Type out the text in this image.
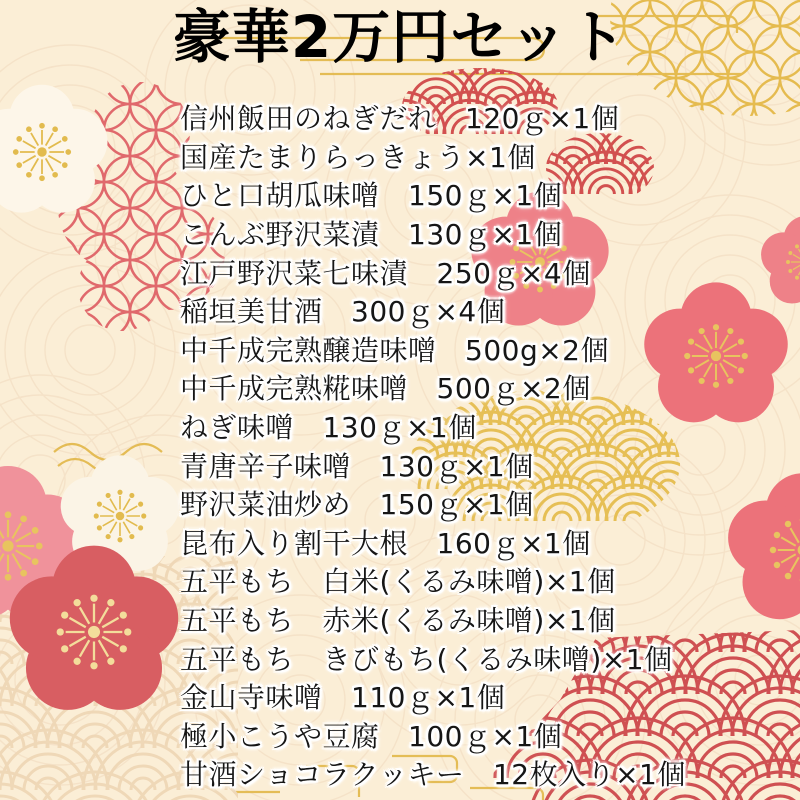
豪華2万円セット
信州飯田のねぎだれ　120ｇ×1個
国産たまりらっきょう×1個
ひと口胡瓜味噌　150ｇ×1個
こんぶ野沢菜漬　130ｇ×1個
江戸野沢菜七味漬　250ｇ×4個
稲垣美甘酒　300ｇ×4個
中千成完熟醸造味噌　500g×2個
中千成完熟糀味噌　500ｇ×2個
ねぎ味噌　130ｇ×1個
青唐辛子味噌　130ｇ×1個
野沢菜油炒め　150ｇ×1個
昆布入り割干大根　160ｇ×1個
五平もち　白米(くるみ味噌)×1個
五平もち　赤米(くるみ味噌)×1個
五平もち　きびもち(くるみ味噌)×1個
金山寺味噌　110ｇ×1個
極小こうや豆腐　100ｇ×1個
甘酒ショコラクッキー　12枚入り×1個
